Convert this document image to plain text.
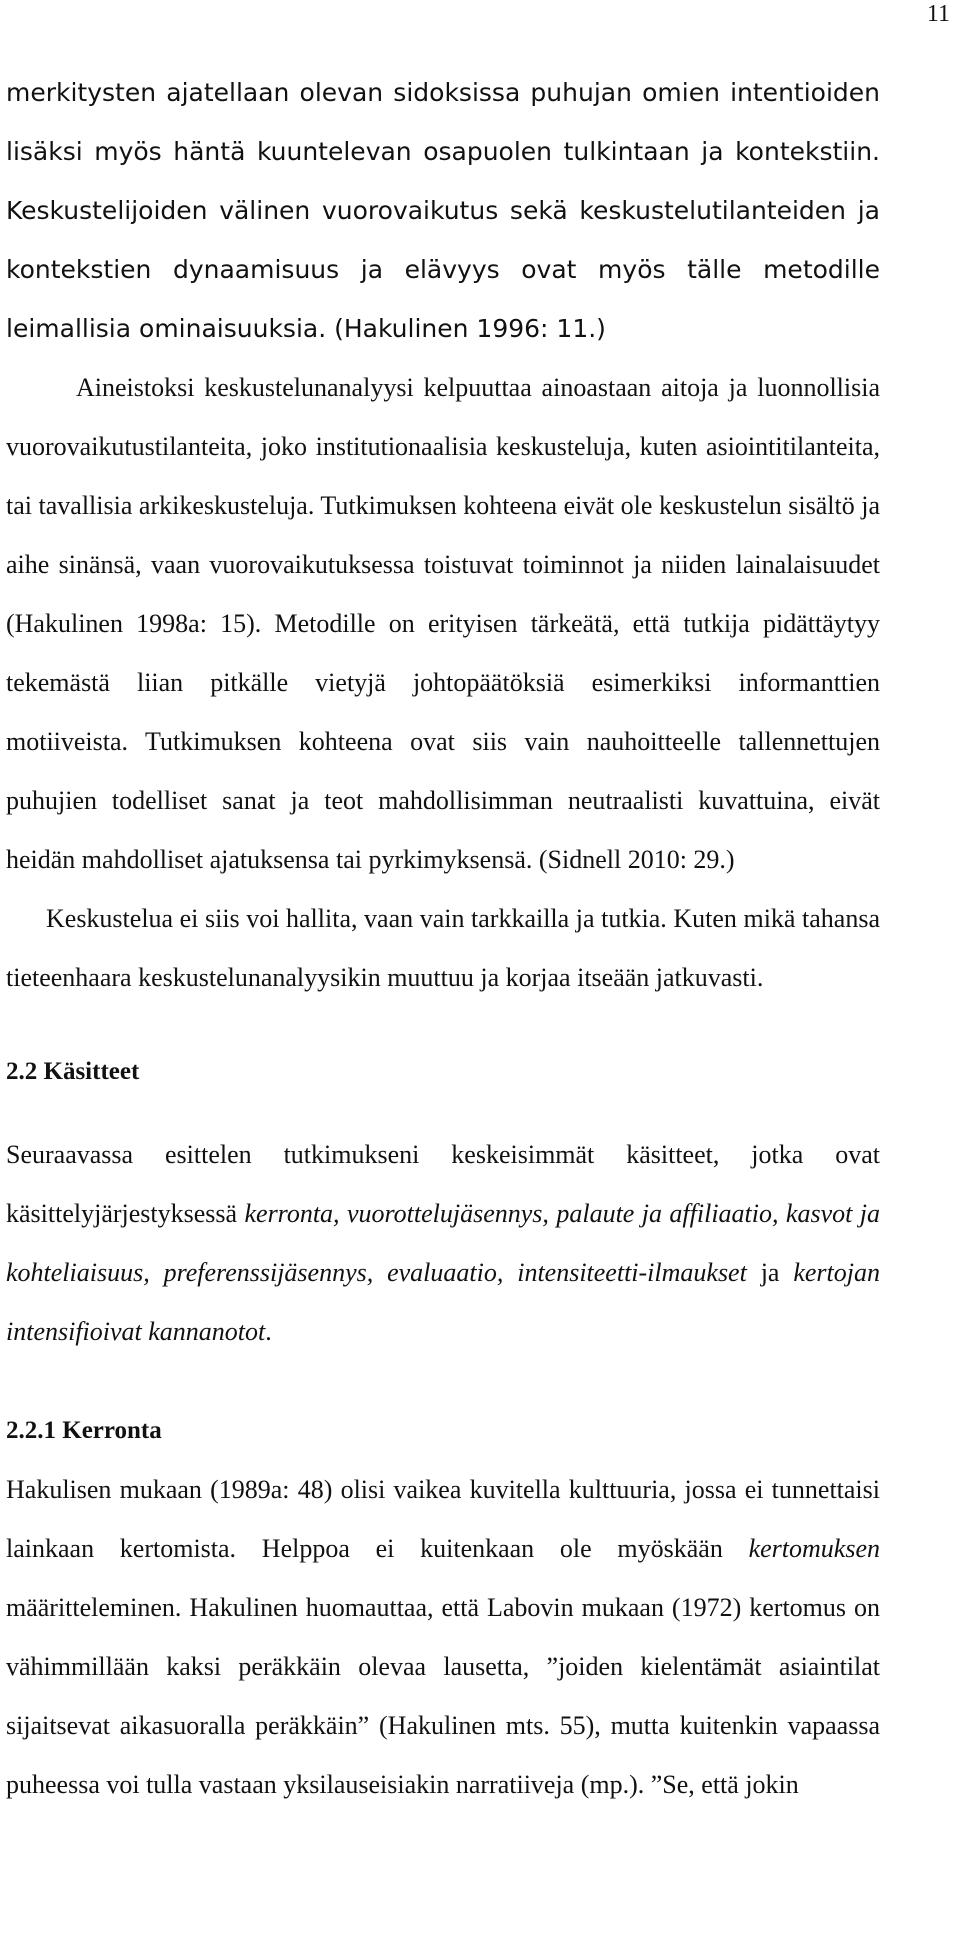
11

merkitysten ajatellaan olevan sidoksissa puhujan omien intentioiden lisäksi myös häntä kuuntelevan osapuolen tulkintaan ja kontekstiin. Keskustelijoiden välinen vuorovaikutus sekä keskustelutilanteiden ja kontekstien dynaamisuus ja elävyys ovat myös tälle metodille leimallisia ominaisuuksia. (Hakulinen 1996: 11.)

Aineistoksi keskustelunanalyysi kelpuuttaa ainoastaan aitoja ja luonnollisia vuorovaikutustilanteita, joko institutionaalisia keskusteluja, kuten asiointitilanteita, tai tavallisia arkikeskusteluja. Tutkimuksen kohteena eivät ole keskustelun sisältö ja aihe sinänsä, vaan vuorovaikutuksessa toistuvat toiminnot ja niiden lainalaisuudet (Hakulinen 1998a: 15). Metodille on erityisen tärkeätä, että tutkija pidättäytyy tekemästä liian pitkälle vietyjä johtopäätöksiä esimerkiksi informanttien motiiveista. Tutkimuksen kohteena ovat siis vain nauhoitteelle tallennettujen puhujien todelliset sanat ja teot mahdollisimman neutraalisti kuvattuina, eivät heidän mahdolliset ajatuksensa tai pyrkimyksensä. (Sidnell 2010: 29.)

Keskustelua ei siis voi hallita, vaan vain tarkkailla ja tutkia. Kuten mikä tahansa tieteenhaara keskustelunanalyysikin muuttuu ja korjaa itseään jatkuvasti.

2.2 Käsitteet

Seuraavassa esittelen tutkimukseni keskeisimmät käsitteet, jotka ovat käsittelyjärjestyksessä kerronta, vuorottelujäsennys, palaute ja affiliaatio, kasvot ja kohteliaisuus, preferenssijäsennys, evaluaatio, intensiteetti-ilmaukset ja kertojan intensifioivat kannanotot.

2.2.1 Kerronta

Hakulisen mukaan (1989a: 48) olisi vaikea kuvitella kulttuuria, jossa ei tunnettaisi lainkaan kertomista. Helppoa ei kuitenkaan ole myöskään kertomuksen määritteleminen. Hakulinen huomauttaa, että Labovin mukaan (1972) kertomus on vähimmillään kaksi peräkkäin olevaa lausetta, ”joiden kielentämät asiaintilat sijaitsevat aikasuoralla peräkkäin” (Hakulinen mts. 55), mutta kuitenkin vapaassa puheessa voi tulla vastaan yksilauseisiakin narratiiveja (mp.). ”Se, että jokin
